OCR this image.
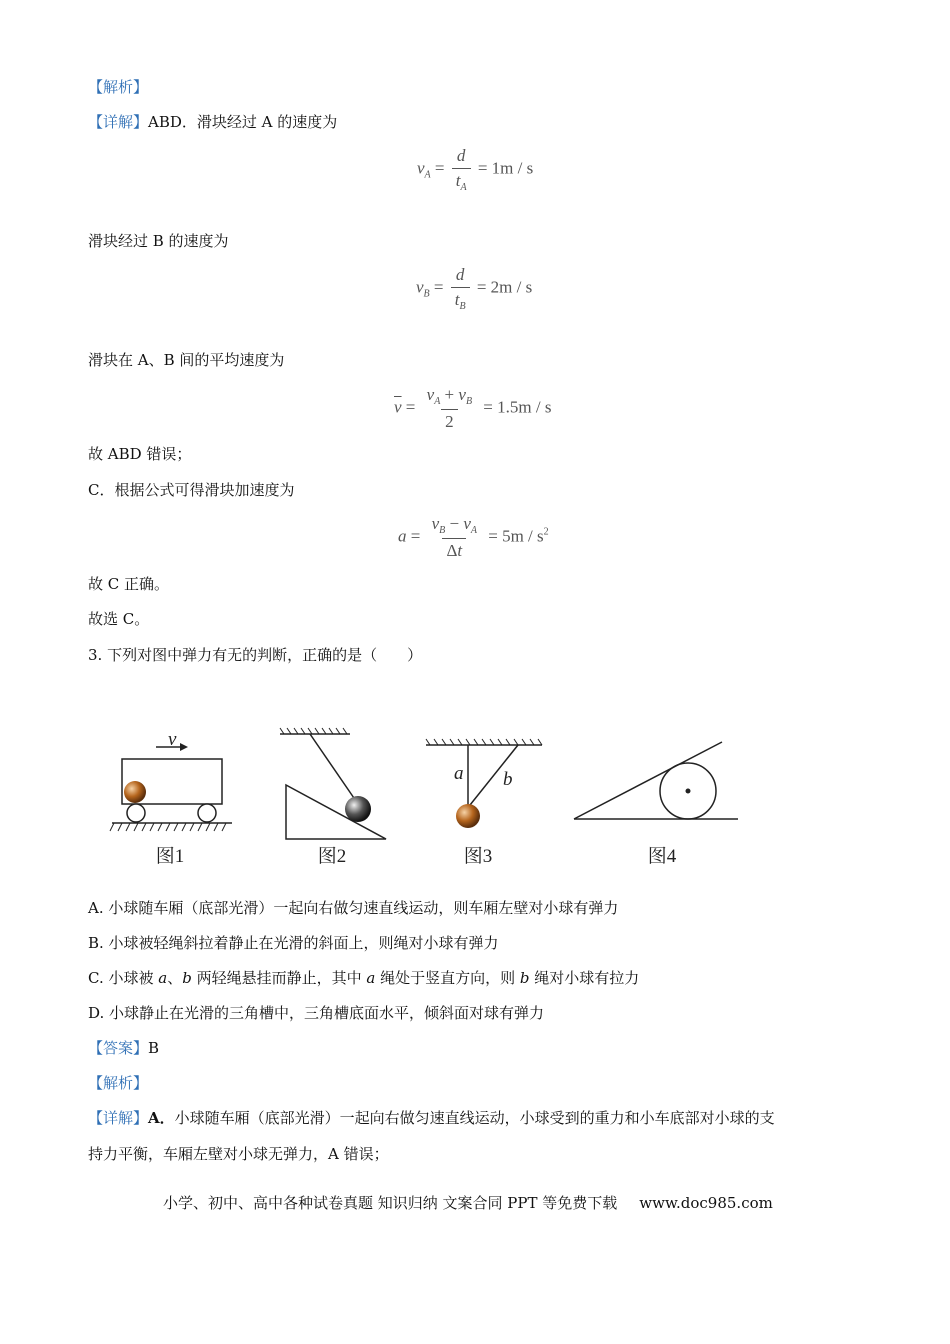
【解析】
【详解】ABD．滑块经过 A 的速度为
$v_A = \frac{d}{t_A} = 1m / s$
滑块经过 B 的速度为
$v_B = \frac{d}{t_B} = 2m / s$
滑块在 A、B 间的平均速度为
$\overline{v} = \frac{v_A + v_B}{2} = 1.5m / s$
故 ABD 错误；
C．根据公式可得滑块加速度为
$a = \frac{v_B - v_A}{\Delta t} = 5m / s^2$
故 C 正确。
故选 C。
3. 下列对图中弹力有无的判断，正确的是（　　）
v
图1	图2
a b
图3	图4
A. 小球随车厢（底部光滑）一起向右做匀速直线运动，则车厢左壁对小球有弹力
B. 小球被轻绳斜拉着静止在光滑的斜面上，则绳对小球有弹力
C. 小球被 a、b 两轻绳悬挂而静止，其中 a 绳处于竖直方向，则 b 绳对小球有拉力
D. 小球静止在光滑的三角槽中，三角槽底面水平，倾斜面对球有弹力
【答案】B
【解析】
【详解】A．小球随车厢（底部光滑）一起向右做匀速直线运动，小球受到的重力和小车底部对小球的支
持力平衡，车厢左壁对小球无弹力，A 错误；
小学、初中、高中各种试卷真题 知识归纳 文案合同 PPT 等免费下载 www.doc985.com
